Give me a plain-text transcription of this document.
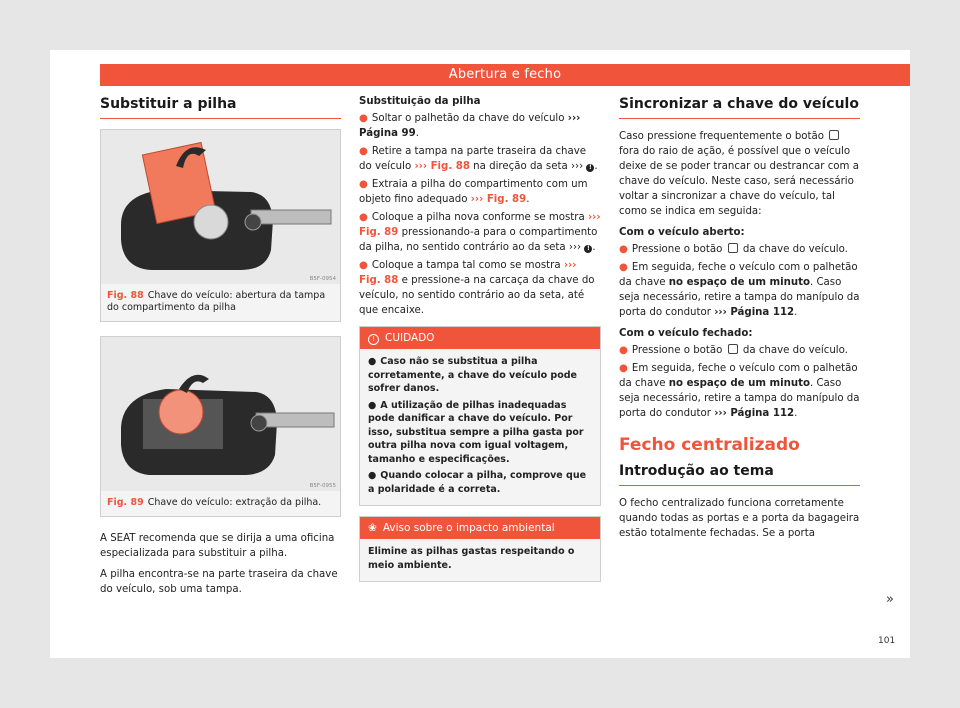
Abertura e fecho
Substituir a pilha
B5F-0954
Fig. 88 Chave do veículo: abertura da tampa do compartimento da pilha
B5F-0955
Fig. 89 Chave do veículo: extração da pilha.

A SEAT recomenda que se dirija a uma oficina especializada para substituir a pilha.

A pilha encontra-se na parte traseira da chave do veículo, sob uma tampa.

Substituição da pilha
● Soltar o palhetão da chave do veículo ››› Página 99.
● Retire a tampa na parte traseira da chave do veículo ››› Fig. 88 na direção da seta ››› ! .
● Extraia a pilha do compartimento com um objeto fino adequado ››› Fig. 89.
● Coloque a pilha nova conforme se mostra ››› Fig. 89 pressionando-a para o compartimento da pilha, no sentido contrário ao da seta ››› ! .
● Coloque a tampa tal como se mostra ››› Fig. 88 e pressione-a na carcaça da chave do veículo, no sentido contrário ao da seta, até que encaixe.
! CUIDADO
● Caso não se substitua a pilha corretamente, a chave do veículo pode sofrer danos.
● A utilização de pilhas inadequadas pode danificar a chave do veículo. Por isso, substitua sempre a pilha gasta por outra pilha nova com igual voltagem, tamanho e especificações.
● Quando colocar a pilha, comprove que a polaridade é a correta.
❀ Aviso sobre o impacto ambiental
Elimine as pilhas gastas respeitando o meio ambiente.
Sincronizar a chave do veículo

Caso pressione frequentemente o botão  fora do raio de ação, é possível que o veículo deixe de se poder trancar ou destrancar com a chave do veículo. Neste caso, será necessário voltar a sincronizar a chave do veículo, tal como se indica em seguida:

Com o veículo aberto:
● Pressione o botão da chave do veículo.
● Em seguida, feche o veículo com o palhetão da chave no espaço de um minuto. Caso seja necessário, retire a tampa do manípulo da porta do condutor ››› Página 112.
Com o veículo fechado:
● Pressione o botão da chave do veículo.
● Em seguida, feche o veículo com o palhetão da chave no espaço de um minuto. Caso seja necessário, retire a tampa do manípulo da porta do condutor ››› Página 112.
Fecho centralizado
Introdução ao tema

O fecho centralizado funciona corretamente quando todas as portas e a porta da bagageira estão totalmente fechadas. Se a porta

»
101
